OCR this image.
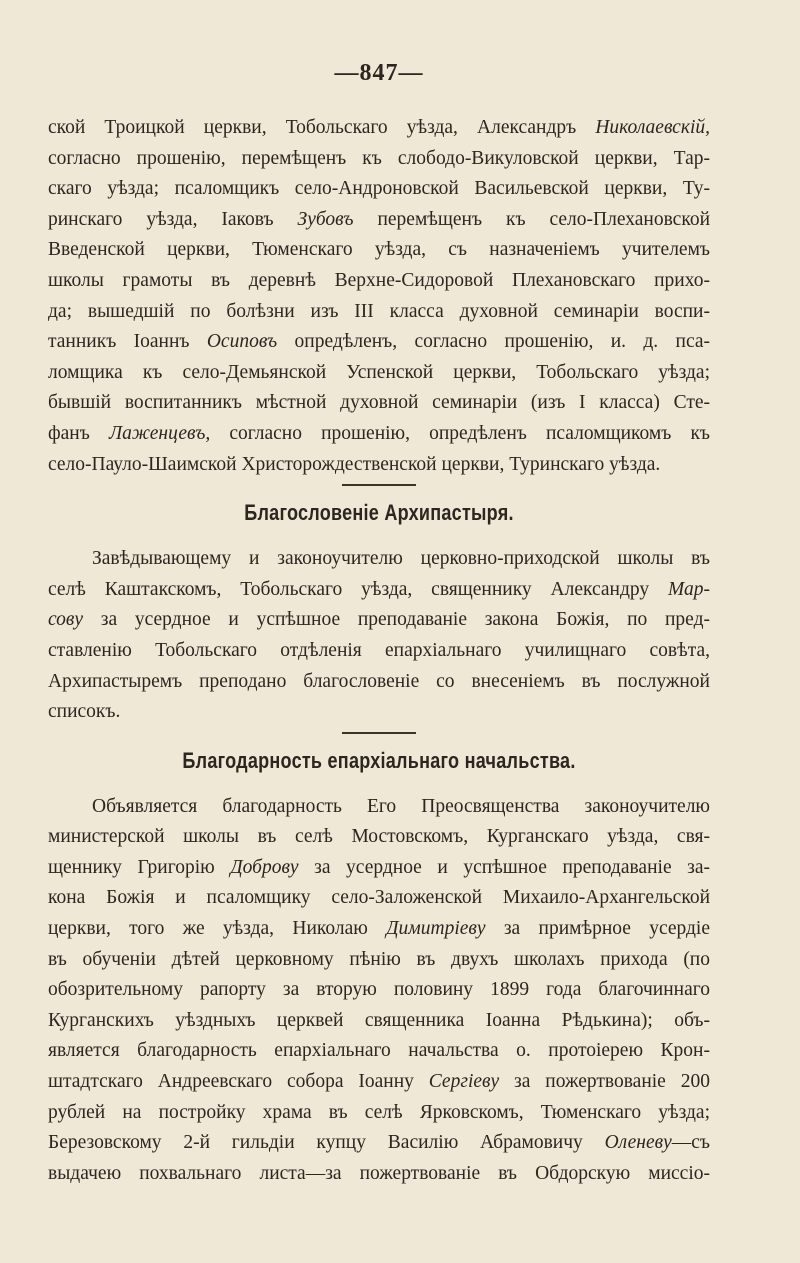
—847—
ской Троицкой церкви, Тобольскаго уѣзда, Александръ Николаевскій,
согласно прошенію, перемѣщенъ къ слободо-Викуловской церкви, Тар-
скаго уѣзда; псаломщикъ село-Андроновской Васильевской церкви, Ту-
ринскаго уѣзда, Іаковъ Зубовъ перемѣщенъ къ село-Плехановской
Введенской церкви, Тюменскаго уѣзда, съ назначеніемъ учителемъ
школы грамоты въ деревнѣ Верхне-Сидоровой Плехановскаго прихо-
да; вышедшій по болѣзни изъ III класса духовной семинаріи воспи-
танникъ Іоаннъ Осиповъ опредѣленъ, согласно прошенію, и. д. пса-
ломщика къ село-Демьянской Успенской церкви, Тобольскаго уѣзда;
бывшій воспитанникъ мѣстной духовной семинаріи (изъ I класса) Сте-
фанъ Лаженцевъ, согласно прошенію, опредѣленъ псаломщикомъ къ
село-Пауло-Шаимской Христорождественской церкви, Туринскаго уѣзда.
Благословеніе Архипастыря.
Завѣдывающему и законоучителю церковно-приходской школы въ
селѣ Каштакскомъ, Тобольскаго уѣзда, священнику Александру Мар-
сову за усердное и успѣшное преподаваніе закона Божія, по пред-
ставленію Тобольскаго отдѣленія епархіальнаго училищнаго совѣта,
Архипастыремъ преподано благословеніе со внесеніемъ въ послужной
списокъ.
Благодарность епархіальнаго начальства.
Объявляется благодарность Его Преосвященства законоучителю
министерской школы въ селѣ Мостовскомъ, Курганскаго уѣзда, свя-
щеннику Григорію Доброву за усердное и успѣшное преподаваніе за-
кона Божія и псаломщику село-Заложенской Михаило-Архангельской
церкви, того же уѣзда, Николаю Димитріеву за примѣрное усердіе
въ обученіи дѣтей церковному пѣнію въ двухъ школахъ прихода (по
обозрительному рапорту за вторую половину 1899 года благочиннаго
Курганскихъ уѣздныхъ церквей священника Іоанна Рѣдькина); объ-
является благодарность епархіальнаго начальства о. протоіерею Крон-
штадтскаго Андреевскаго собора Іоанну Сергіеву за пожертвованіе 200
рублей на постройку храма въ селѣ Ярковскомъ, Тюменскаго уѣзда;
Березовскому 2-й гильдіи купцу Василію Абрамовичу Оленеву—съ
выдачею похвальнаго листа—за пожертвованіе въ Обдорскую миссіо-
